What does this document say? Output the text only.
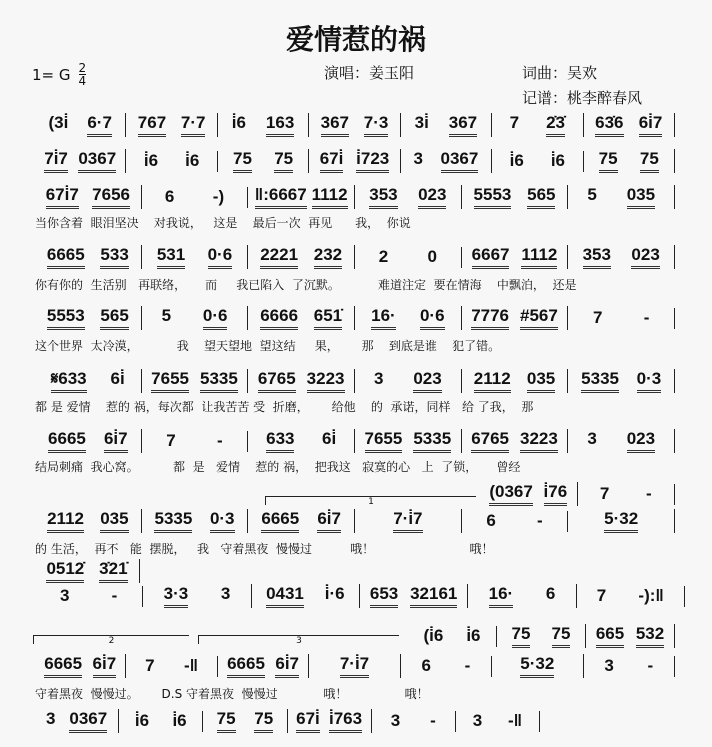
爱情惹的祸
1= G $\frac{2}{4}$	演唱：姜玉阳	词曲：吴欢
记谱：桃李醉春风
(3i̇ 6·7 767 7·7 i̇6 163 367 7·3 3i̇ 367 7 2̇3̇ 63̇6 6i̇7
7i̇7 0367 i̇6 i̇6 75 75 67i̇ i̇723 3 0367 i̇6 i̇6 75 75
67i̇7 7656 6 -) ‖:6667 1112 353 023 5553 565 5 035
当你含着  眼泪坚决    对我说，   这是    最后一次  再见      我，  你说
6665 533 531 0·6 2221 232 2 0 6667 1112 353 023
你有你的  生活别   再联络，     而     我已陷入  了沉默。          难道注定  要在情海    中飘泊，  还是
5553 565 5 0·6 6666 651̇ 16· 0·6 7776 #567 7 -
这个世界  太冷漠，          我    望天望地  望这结     果，      那    到底是谁    犯了错。
𝄋633 6i̇ 7655 5335 6765 3223 3 023 2112 035 5335 0·3
都 是 爱情    惹的 祸，每次都  让我苦苦 受  折磨，      给他    的  承诺，同样   给 了我，  那
6665 6i̇7 7 -	633 6i̇ 7655 5335 6765 3223 3 023
结局刺痛  我心窝。         都  是   爱情    惹的 祸，  把我这   寂寞的心   上  了锁，     曾经
2112 035 5335 0·3 6665 6i̇7	7·i̇7	6 -	5·32
(0367 i̇76 7 -
的 生活，  再不   能  摆脱，   我   守着黑夜  慢慢过          哦！                         哦！
1
3 -	3·3 3 0431 i̇·6 653 32161 16· 6 7 -):‖
0512̇ 3̇21̇
6665 6i̇7 7 -‖ 6665 6i̇7 7·i̇7	6 -	5·32	3 -
(i̇6 i̇6 75 75 665 532
守着黑夜  慢慢过。      D.S 守着黑夜  慢慢过            哦！               哦！
2	3
3 0367 i̇6 i̇6 75 75 67i̇ i̇763 3 - 3 -‖
